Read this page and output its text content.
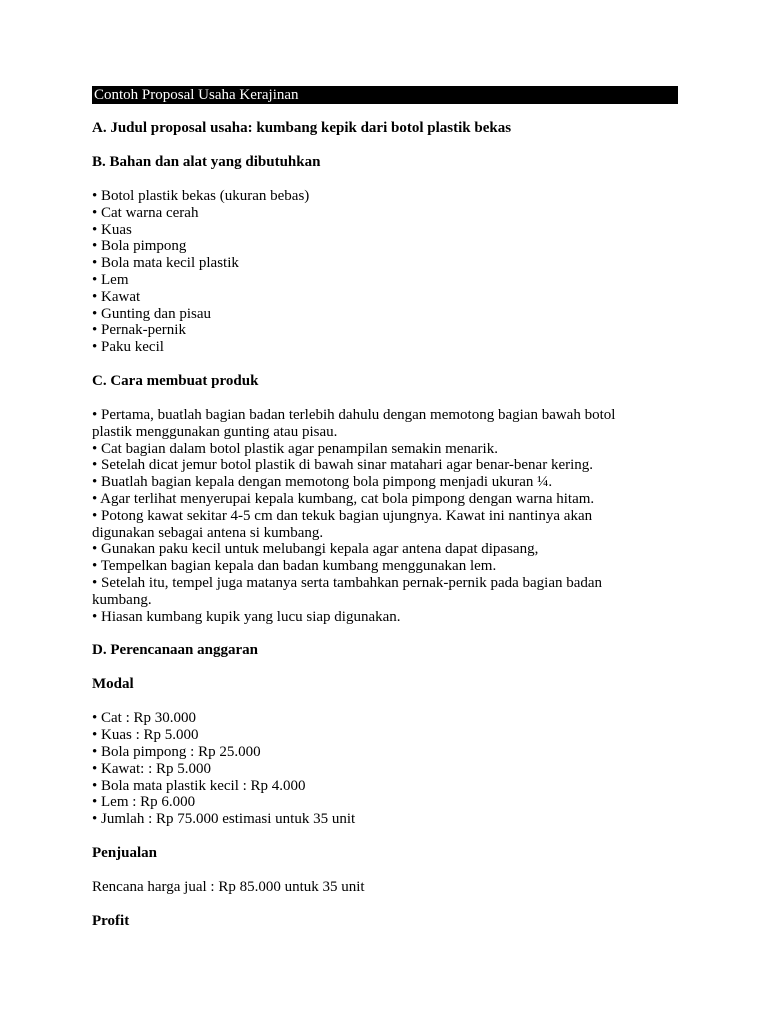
Contoh Proposal Usaha Kerajinan

A. Judul proposal usaha: kumbang kepik dari botol plastik bekas

B. Bahan dan alat yang dibutuhkan

• Botol plastik bekas (ukuran bebas)
• Cat warna cerah
• Kuas
• Bola pimpong
• Bola mata kecil plastik
• Lem
• Kawat
• Gunting dan pisau
• Pernak-pernik
• Paku kecil

C. Cara membuat produk

• Pertama, buatlah bagian badan terlebih dahulu dengan memotong bagian bawah botol

plastik menggunakan gunting atau pisau.

• Cat bagian dalam botol plastik agar penampilan semakin menarik.

• Setelah dicat jemur botol plastik di bawah sinar matahari agar benar-benar kering.

• Buatlah bagian kepala dengan memotong bola pimpong menjadi ukuran ¼.

• Agar terlihat menyerupai kepala kumbang, cat bola pimpong dengan warna hitam.

• Potong kawat sekitar 4-5 cm dan tekuk bagian ujungnya. Kawat ini nantinya akan

digunakan sebagai antena si kumbang.

• Gunakan paku kecil untuk melubangi kepala agar antena dapat dipasang,

• Tempelkan bagian kepala dan badan kumbang menggunakan lem.

• Setelah itu, tempel juga matanya serta tambahkan pernak-pernik pada bagian badan

kumbang.

• Hiasan kumbang kupik yang lucu siap digunakan.

D. Perencanaan anggaran

Modal

• Cat : Rp 30.000
• Kuas : Rp 5.000
• Bola pimpong : Rp 25.000
• Kawat: : Rp 5.000
• Bola mata plastik kecil : Rp 4.000
• Lem : Rp 6.000
• Jumlah : Rp 75.000 estimasi untuk 35 unit

Penjualan

Rencana harga jual : Rp 85.000 untuk 35 unit

Profit
